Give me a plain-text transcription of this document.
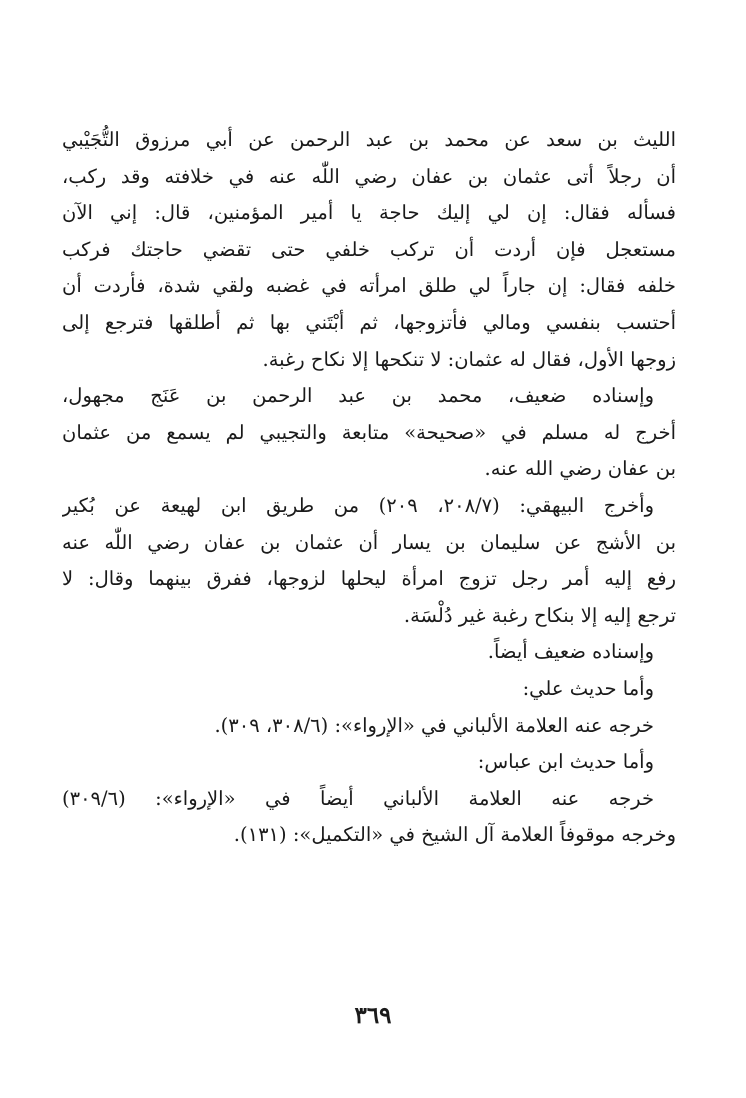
الليث بن سعد عن محمد بن عبد الرحمن عن أبي مرزوق التُّجَيْبي
أن رجلاً أتى عثمان بن عفان رضي اللّٰه عنه في خلافته وقد ركب،
فسأله فقال: إن لي إليك حاجة يا أمير المؤمنين، قال: إني الآن
مستعجل فإن أردت أن تركب خلفي حتى تقضي حاجتك فركب
خلفه فقال: إن جاراً لي طلق امرأته في غضبه ولقي شدة، فأردت أن
أحتسب بنفسي ومالي فأتزوجها، ثم أبْتَني بها ثم أطلقها فترجع إلى
زوجها الأول، فقال له عثمان: لا تنكحها إلا نكاح رغبة.
وإسناده ضعيف، محمد بن عبد الرحمن بن عَنَج مجهول،
أخرج له مسلم في «صحيحة» متابعة والتجيبي لم يسمع من عثمان
بن عفان رضي الله عنه.
وأخرج البيهقي: (٢٠٨/٧، ٢٠٩) من طريق ابن لهيعة عن بُكير
بن الأشج عن سليمان بن يسار أن عثمان بن عفان رضي اللّٰه عنه
رفع إليه أمر رجل تزوج امرأة ليحلها لزوجها، ففرق بينهما وقال: لا
ترجع إليه إلا بنكاح رغبة غير دُلْسَة.
وإسناده ضعيف أيضاً.
وأما حديث علي:
خرجه عنه العلامة الألباني في «الإرواء»: (٣٠٨/٦، ٣٠٩).
وأما حديث ابن عباس:
خرجه عنه العلامة الألباني أيضاً في «الإرواء»: (٣٠٩/٦)
وخرجه موقوفاً العلامة آل الشيخ في «التكميل»: (١٣١).
٣٦٩
